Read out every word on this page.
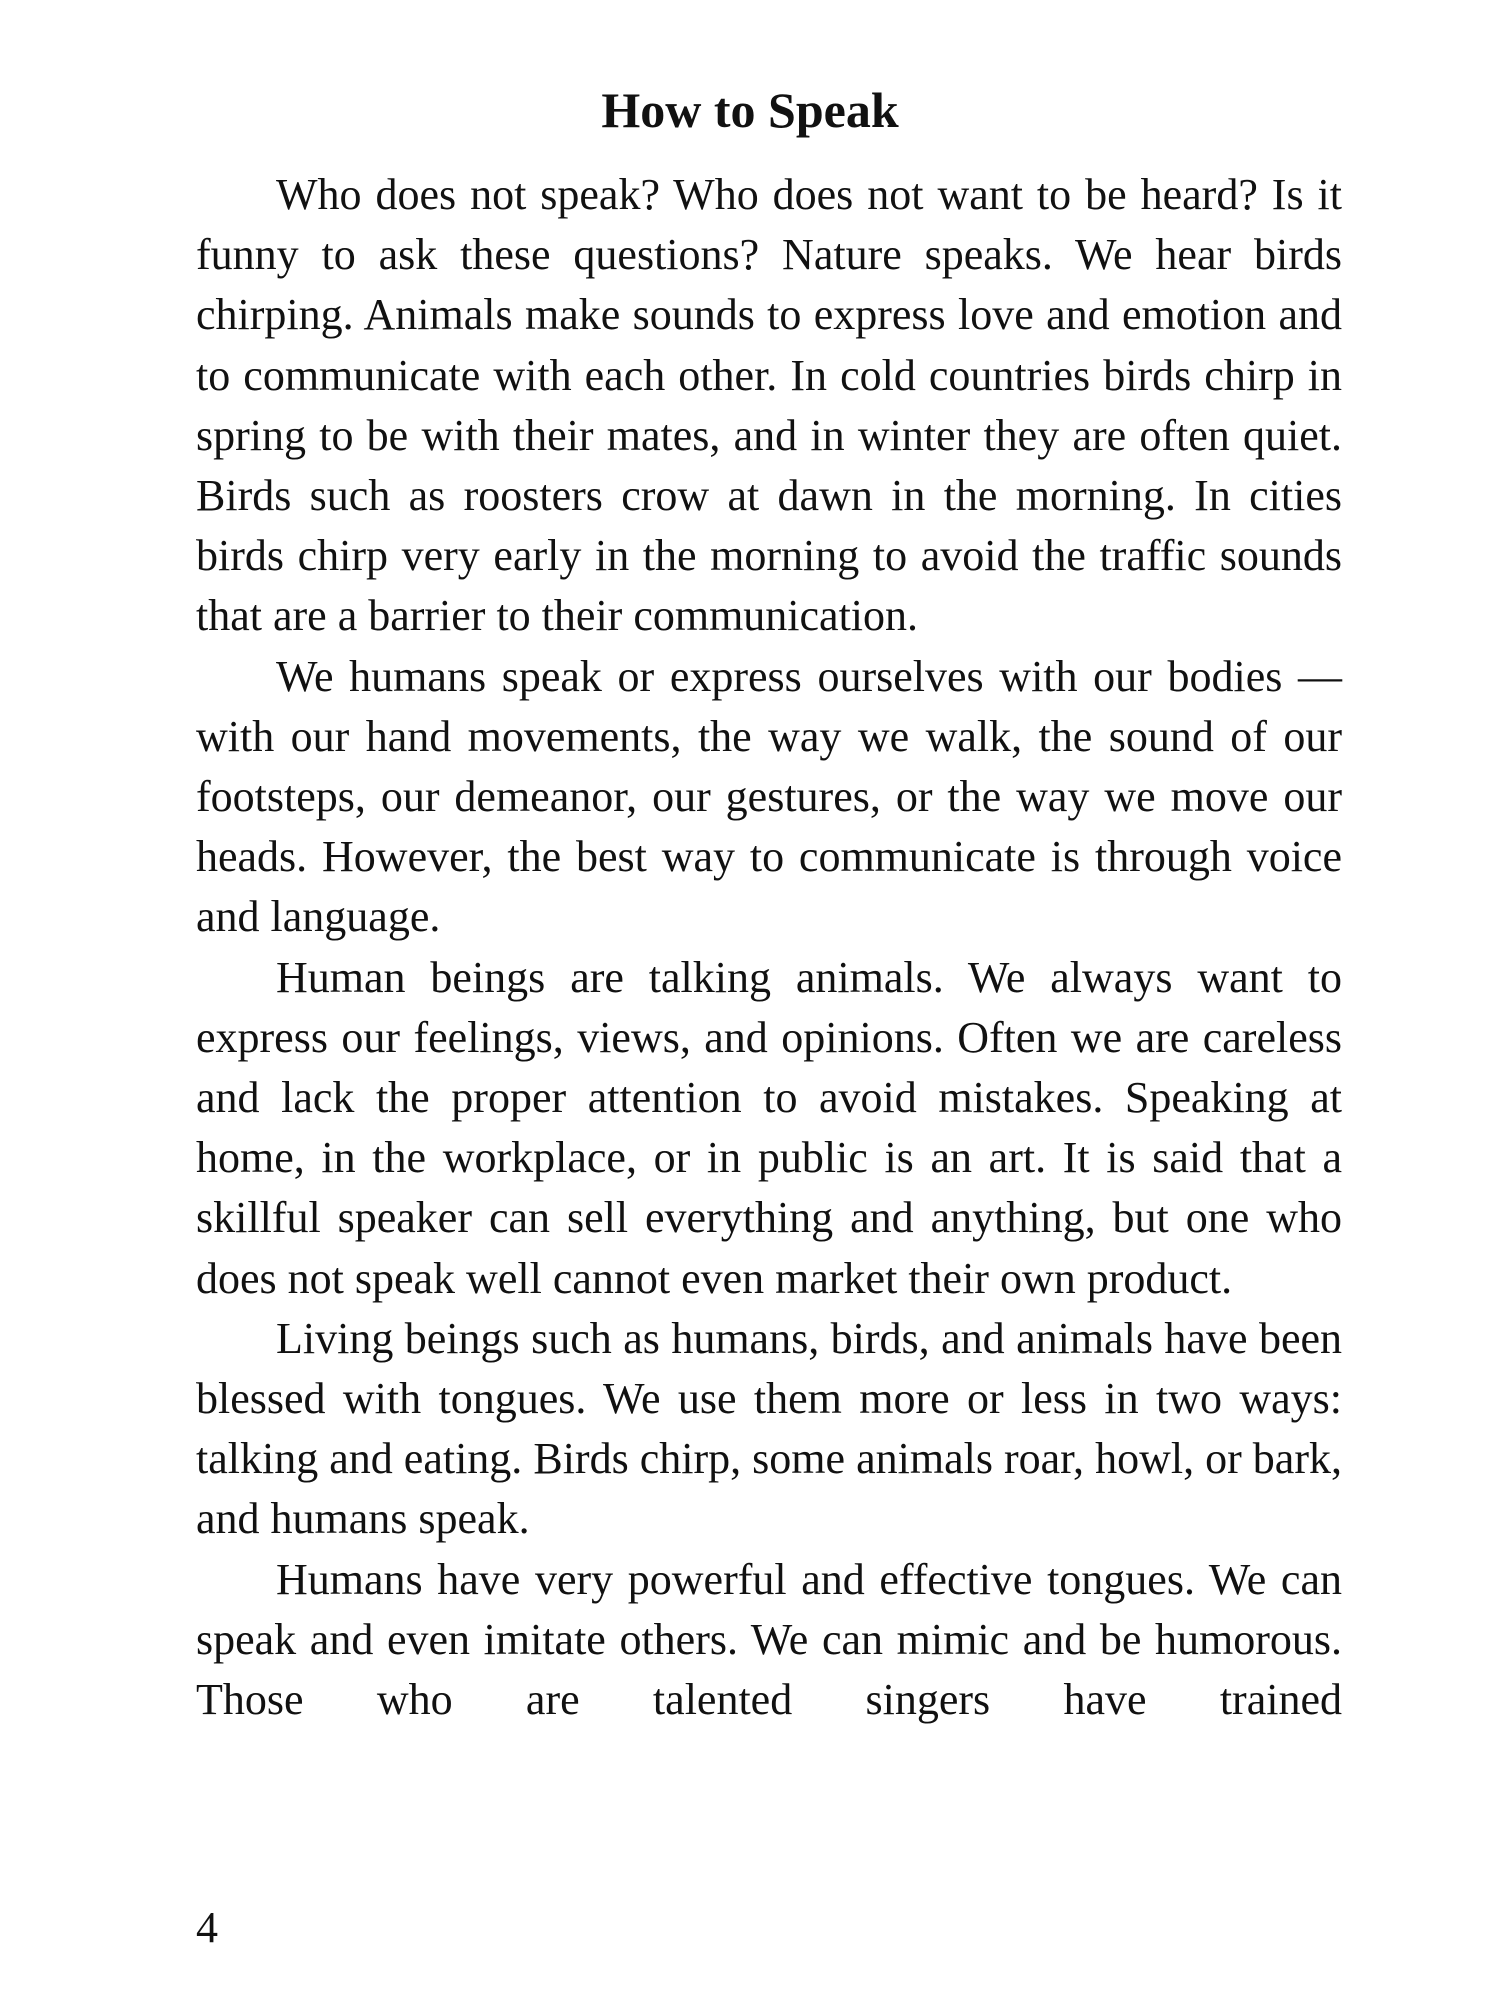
How to Speak

Who does not speak? Who does not want to be heard? Is it funny to ask these questions? Nature speaks. We hear birds chirping. Animals make sounds to express love and emotion and to communicate with each other. In cold countries birds chirp in spring to be with their mates, and in winter they are often quiet. Birds such as roosters crow at dawn in the morning. In cities birds chirp very early in the morning to avoid the traffic sounds that are a barrier to their communication.

We humans speak or express ourselves with our bodies — with our hand movements, the way we walk, the sound of our footsteps, our demeanor, our gestures, or the way we move our heads. However, the best way to communicate is through voice and language.

Human beings are talking animals. We always want to express our feelings, views, and opinions. Often we are careless and lack the proper attention to avoid mistakes. Speaking at home, in the workplace, or in public is an art. It is said that a skillful speaker can sell everything and anything, but one who does not speak well cannot even market their own product.

Living beings such as humans, birds, and animals have been blessed with tongues. We use them more or less in two ways: talking and eating. Birds chirp, some animals roar, howl, or bark, and humans speak.

Humans have very powerful and effective tongues. We can speak and even imitate others. We can mimic and be humorous. Those who are talented singers have trained

4
